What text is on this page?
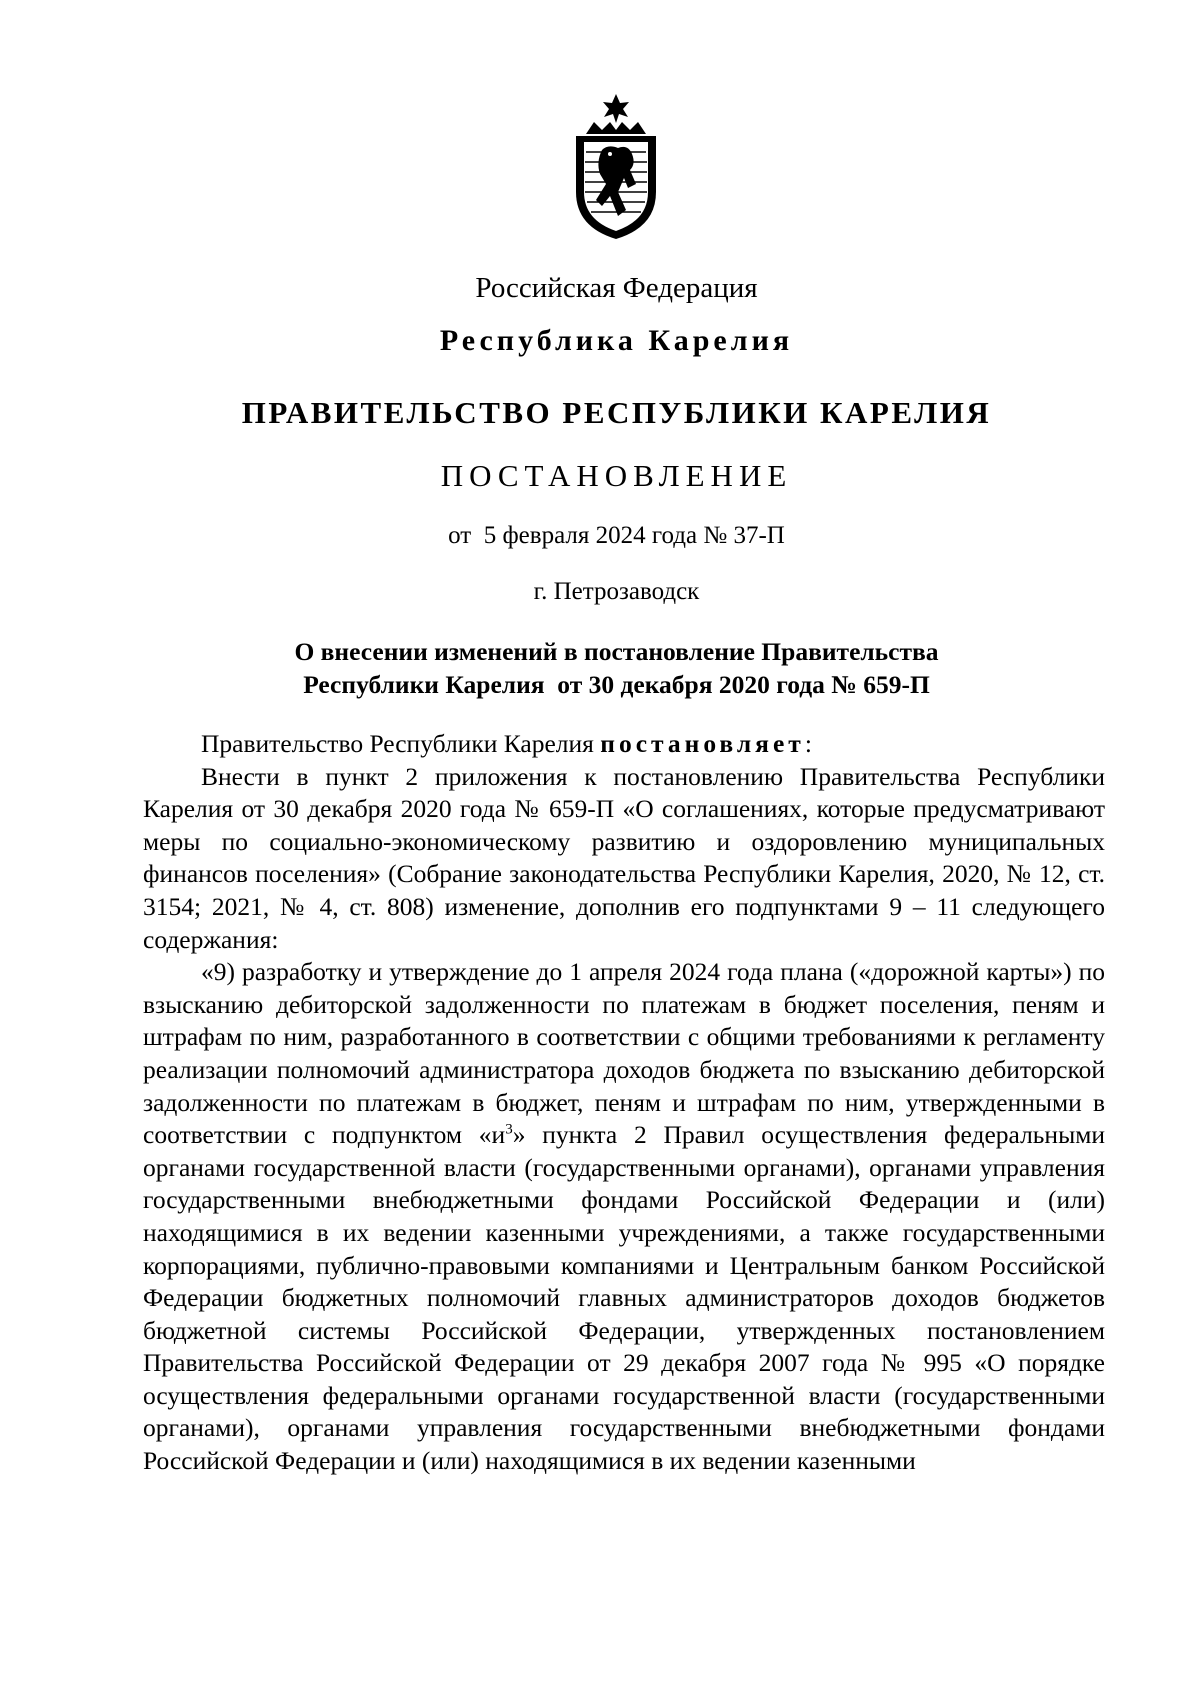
Российская Федерация
Республика Карелия
ПРАВИТЕЛЬСТВО РЕСПУБЛИКИ КАРЕЛИЯ
ПОСТАНОВЛЕНИЕ
от  5 февраля 2024 года № 37-П
г. Петрозаводск
О внесении изменений в постановление Правительства
Республики Карелия  от 30 декабря 2020 года № 659-П

Правительство Республики Карелия постановляет:

Внести в пункт 2 приложения к постановлению Правительства Республики Карелия от 30 декабря 2020 года № 659-П «О соглашениях, которые предусматривают меры по социально-экономическому развитию и оздоровлению муниципальных финансов поселения» (Собрание законодательства Республики Карелия, 2020, № 12, ст. 3154; 2021, № 4, ст. 808) изменение, дополнив его подпунктами 9 – 11 следующего содержания:

«9) разработку и утверждение до 1 апреля 2024 года плана («дорожной карты») по взысканию дебиторской задолженности по платежам в бюджет поселения, пеням и штрафам по ним, разработанного в соответствии с общими требованиями к регламенту реализации полномочий администратора доходов бюджета по взысканию дебиторской задолженности по платежам в бюджет, пеням и штрафам по ним, утвержденными в соответствии с подпунктом «$и^3$» пункта 2 Правил осуществления федеральными органами государственной власти (государственными органами), органами управления государственными внебюджетными фондами Российской Федерации и (или) находящимися в их ведении казенными учреждениями, а также государственными корпорациями, публично-правовыми компаниями и Центральным банком Российской Федерации бюджетных полномочий главных администраторов доходов бюджетов бюджетной системы Российской Федерации, утвержденных постановлением Правительства Российской Федерации от 29 декабря 2007 года № 995 «О порядке осуществления федеральными органами государственной власти (государственными органами), органами управления государственными внебюджетными фондами Российской Федерации и (или) находящимися в их ведении казенными
